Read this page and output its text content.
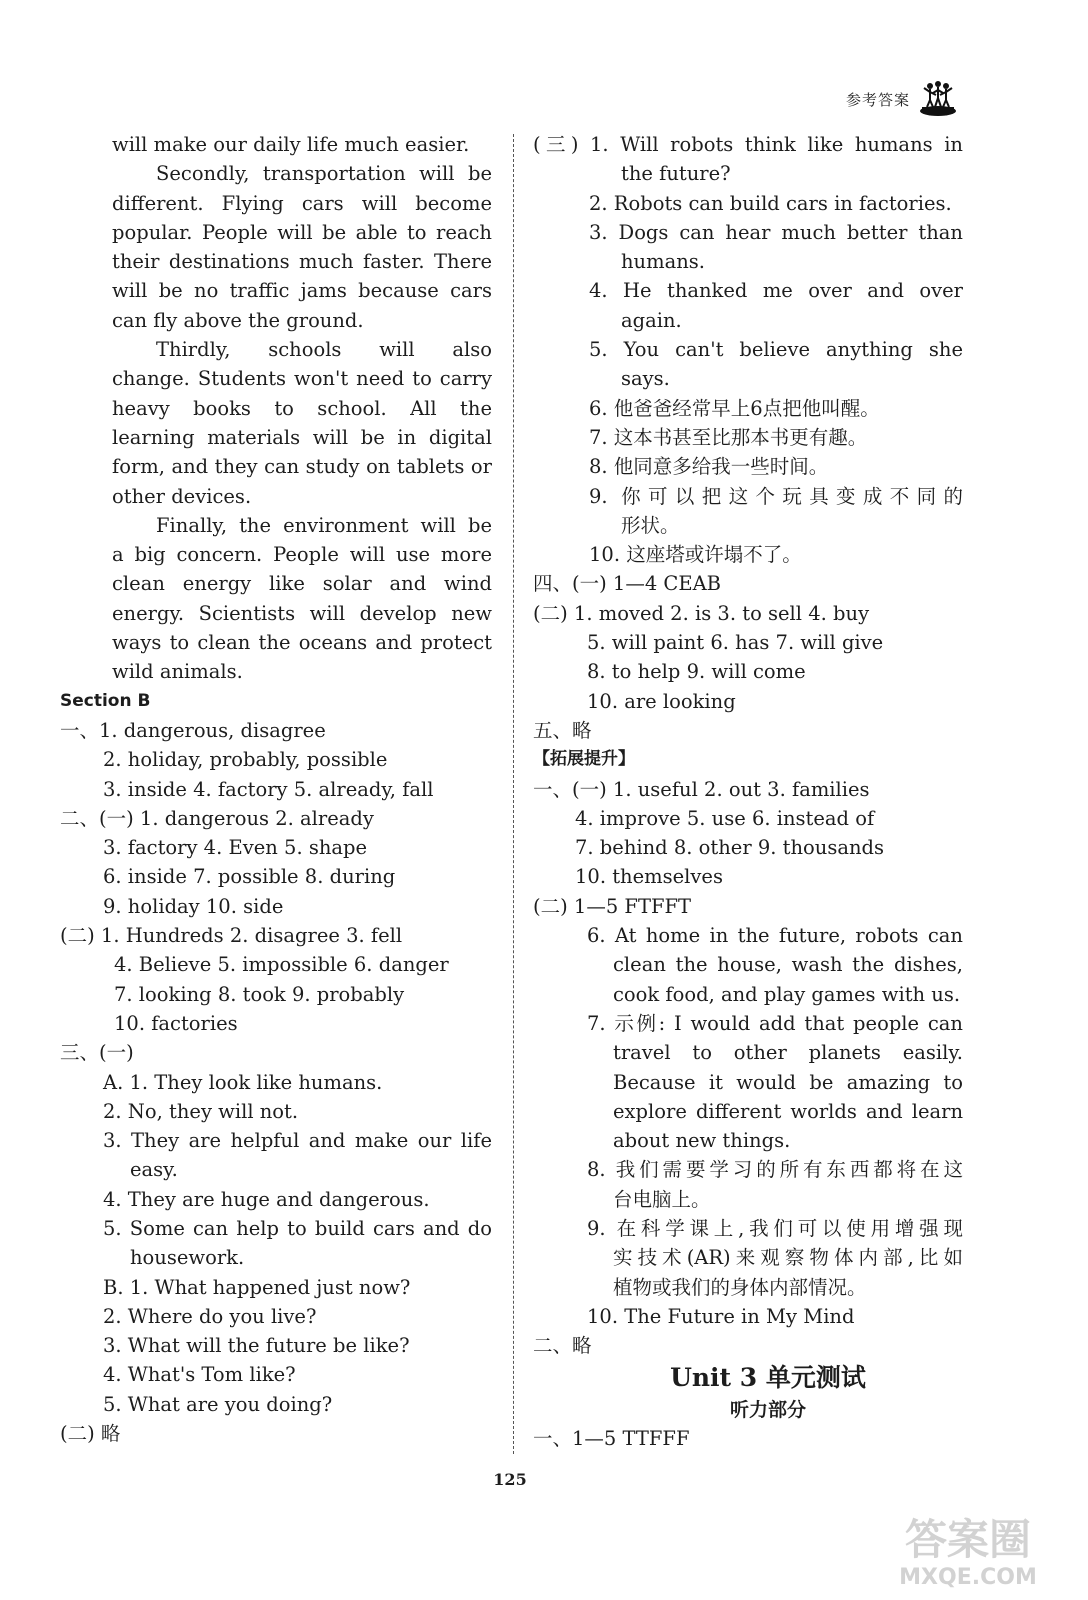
参考答案
will make our daily life much easier.
Secondly, transportation will be
different. Flying cars will become
popular. People will be able to reach
their destinations much faster. There
will be no traffic jams because cars
can fly above the ground.
Thirdly, schools will also
change. Students won't need to carry
heavy books to school. All the
learning materials will be in digital
form, and they can study on tablets or
other devices.
Finally, the environment will be
a big concern. People will use more
clean energy like solar and wind
energy. Scientists will develop new
ways to clean the oceans and protect
wild animals.
Section B
一、1. dangerous, disagree
2. holiday, probably, possible
3. inside 4. factory 5. already, fall
二、(一) 1. dangerous 2. already
3. factory 4. Even 5. shape
6. inside 7. possible 8. during
9. holiday 10. side
(二) 1. Hundreds 2. disagree 3. fell
4. Believe 5. impossible 6. danger
7. looking 8. took 9. probably
10. factories
三、(一)
A. 1. They look like humans.
2. No, they will not.
3. They are helpful and make our life
easy.
4. They are huge and dangerous.
5. Some can help to build cars and do
housework.
B. 1. What happened just now?
2. Where do you live?
3. What will the future be like?
4. What's Tom like?
5. What are you doing?
(二) 略
(三) 1. Will robots think like humans in
the future?
2. Robots can build cars in factories.
3. Dogs can hear much better than
humans.
4. He thanked me over and over
again.
5. You can't believe anything she
says.
6. 他爸爸经常早上6点把他叫醒。
7. 这本书甚至比那本书更有趣。
8. 他同意多给我一些时间。
9. 你可以把这个玩具变成不同的
形状。
10. 这座塔或许塌不了。
四、(一) 1—4 CEAB
(二) 1. moved 2. is 3. to sell 4. buy
5. will paint 6. has 7. will give
8. to help 9. will come
10. are looking
五、略
【拓展提升】
一、(一) 1. useful 2. out 3. families
4. improve 5. use 6. instead of
7. behind 8. other 9. thousands
10. themselves
(二) 1—5 FTFFT
6. At home in the future, robots can
clean the house, wash the dishes,
cook food, and play games with us.
7. 示例: I would add that people can
travel to other planets easily.
Because it would be amazing to
explore different worlds and learn
about new things.
8. 我们需要学习的所有东西都将在这
台电脑上。
9. 在科学课上,我们可以使用增强现
实技术(AR)来观察物体内部,比如
植物或我们的身体内部情况。
10. The Future in My Mind
二、略
Unit 3 单元测试
听力部分
一、1—5 TTFFF
125
答案圈
MXQE.COM
